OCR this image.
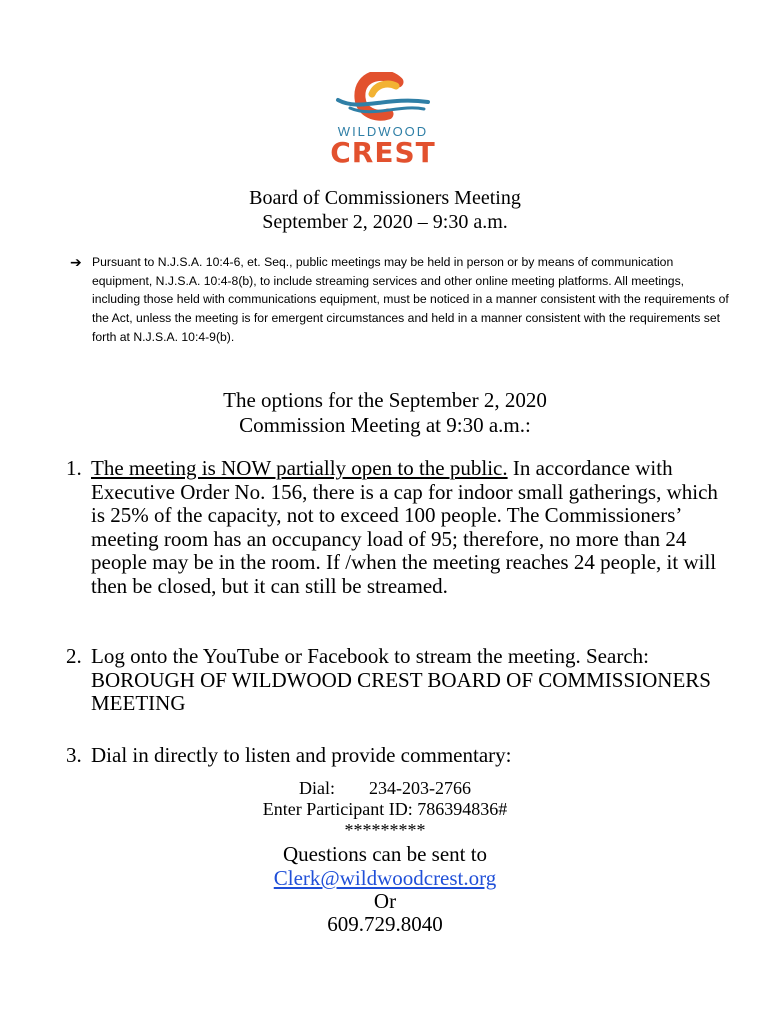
WILDWOOD
CREST
Board of Commissioners Meeting
September 2, 2020 – 9:30 a.m.
➔ Pursuant to N.J.S.A. 10:4-6, et. Seq., public meetings may be held in person or by means of communication equipment, N.J.S.A. 10:4-8(b), to include streaming services and other online meeting platforms. All meetings, including those held with communications equipment, must be noticed in a manner consistent with the requirements of the Act, unless the meeting is for emergent circumstances and held in a manner consistent with the requirements set forth at N.J.S.A. 10:4-9(b).
The options for the September 2, 2020
Commission Meeting at 9:30 a.m.:
1. The meeting is NOW partially open to the public. In accordance with Executive Order No. 156, there is a cap for indoor small gatherings, which is 25% of the capacity, not to exceed 100 people. The Commissioners’ meeting room has an occupancy load of 95; therefore, no more than 24 people may be in the room. If /when the meeting reaches 24 people, it will then be closed, but it can still be streamed.
2. Log onto the YouTube or Facebook to stream the meeting. Search: BOROUGH OF WILDWOOD CREST BOARD OF COMMISSIONERS MEETING
3. Dial in directly to listen and provide commentary:
Dial: 234-203-2766
Enter Participant ID: 786394836#
*********
Questions can be sent to
Clerk@wildwoodcrest.org
Or
609.729.8040
